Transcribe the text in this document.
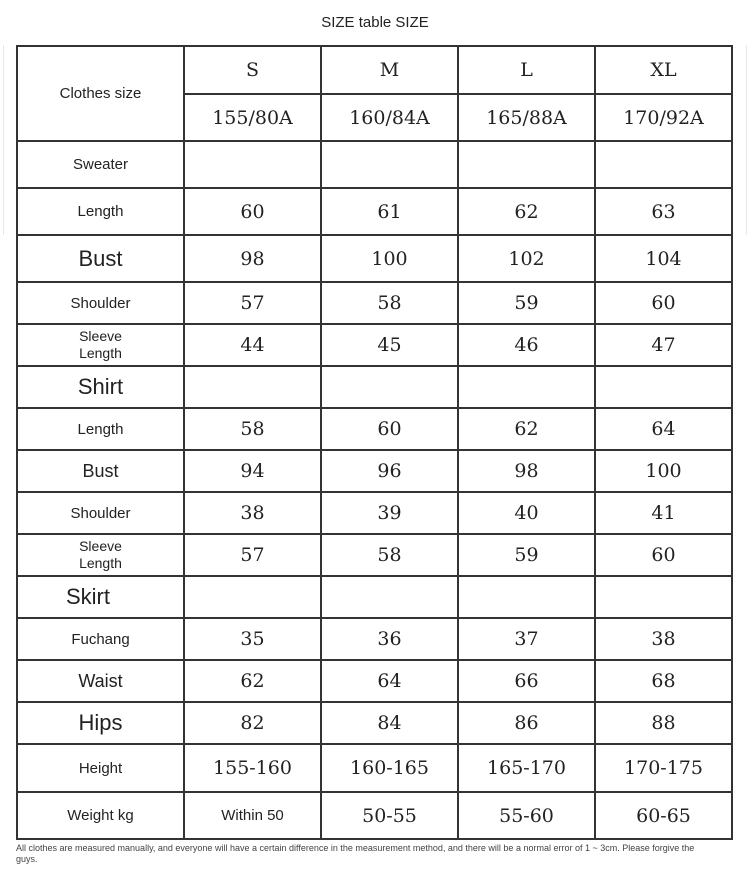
SIZE table SIZE
Clothes size	S	M	L	XL
	155/80A	160/84A	165/88A	170/92A
Sweater				
Length	60	61	62	63
Bust	98	100	102	104
Shoulder	57	58	59	60

Sleeve
Length	44	45	46	47
Shirt				
Length	58	60	62	64
Bust	94	96	98	100
Shoulder	38	39	40	41

Sleeve
Length	57	58	59	60
Skirt				
Fuchang	35	36	37	38
Waist	62	64	66	68
Hips	82	84	86	88
Height	155-160	160-165	165-170	170-175
Weight kg	Within 50	50-55	55-60	60-65
All clothes are measured manually, and everyone will have a certain difference in the measurement method, and there will be a normal error of 1 ~ 3cm. Please forgive the guys.
